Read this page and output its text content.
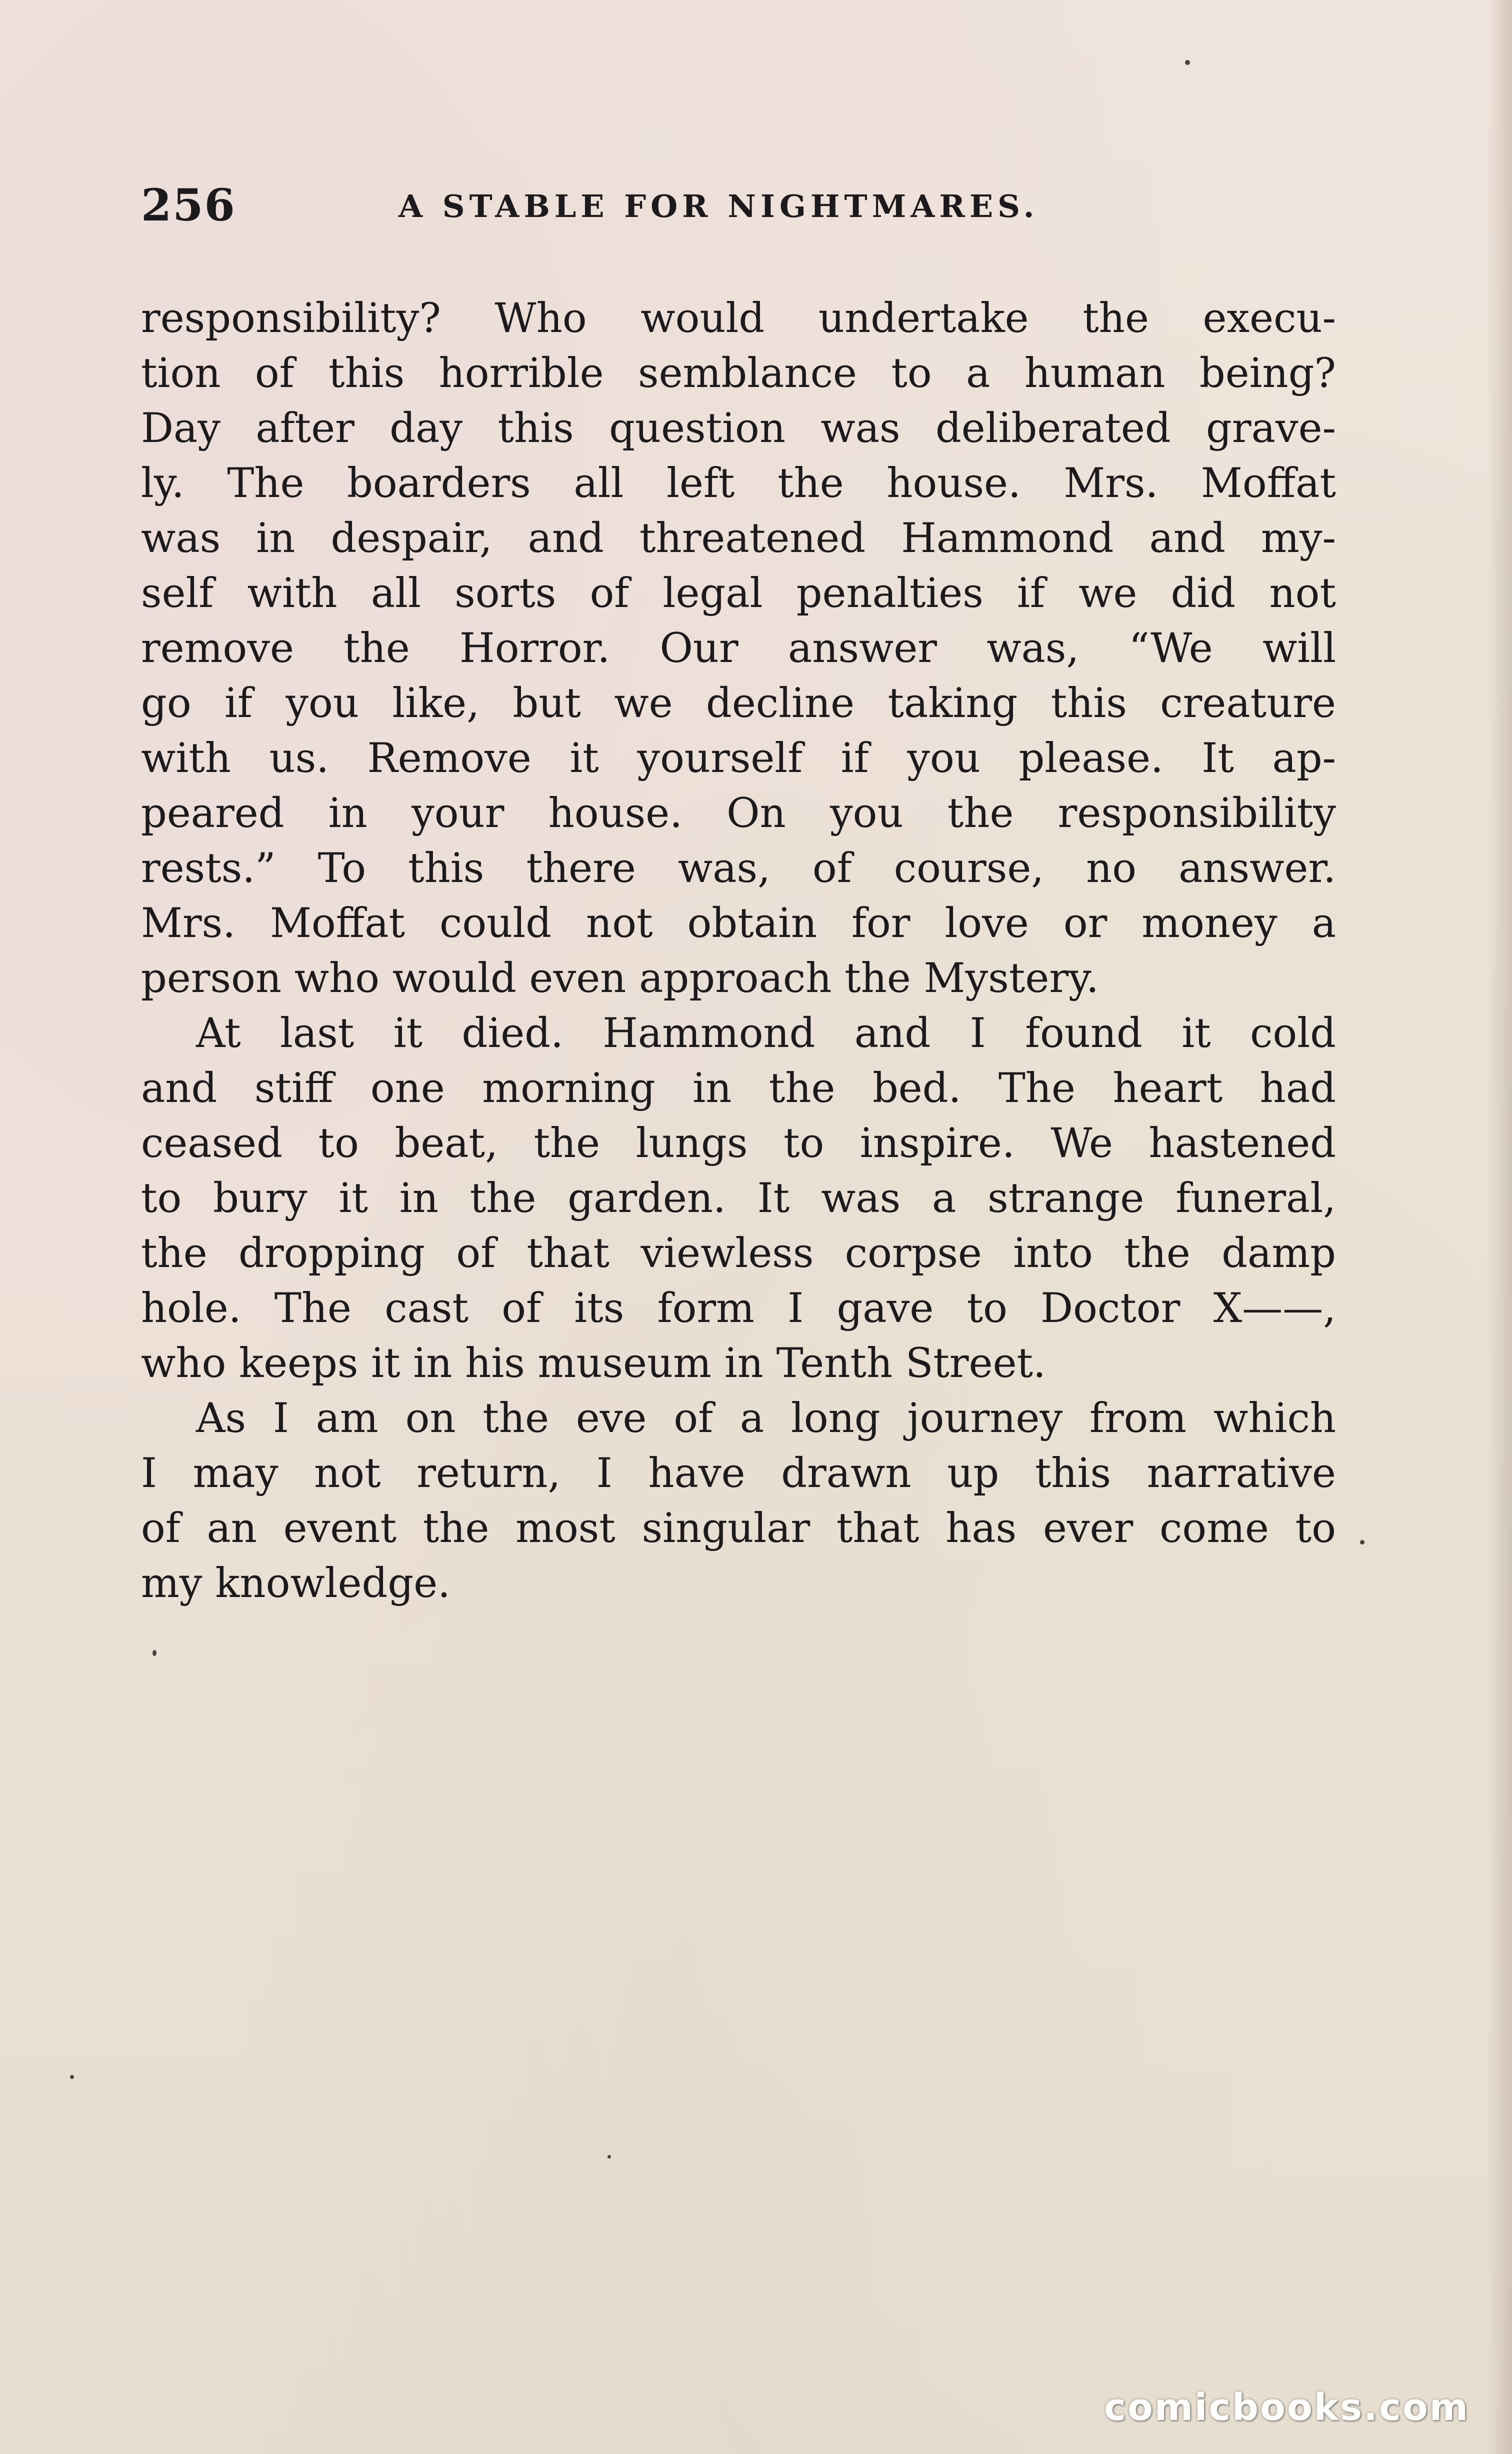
256	A STABLE FOR NIGHTMARES.
responsibility? Who would undertake the execu-
tion of this horrible semblance to a human being?
Day after day this question was deliberated grave-
ly. The boarders all left the house. Mrs. Moffat
was in despair, and threatened Hammond and my-
self with all sorts of legal penalties if we did not
remove the Horror. Our answer was, “We will
go if you like, but we decline taking this creature
with us. Remove it yourself if you please. It ap-
peared in your house. On you the responsibility
rests.” To this there was, of course, no answer.
Mrs. Moffat could not obtain for love or money a
person who would even approach the Mystery.
At last it died. Hammond and I found it cold
and stiff one morning in the bed. The heart had
ceased to beat, the lungs to inspire. We hastened
to bury it in the garden. It was a strange funeral,
the dropping of that viewless corpse into the damp
hole. The cast of its form I gave to Doctor X——,
who keeps it in his museum in Tenth Street.
As I am on the eve of a long journey from which
I may not return, I have drawn up this narrative
of an event the most singular that has ever come to
my knowledge.
comicbooks.com
